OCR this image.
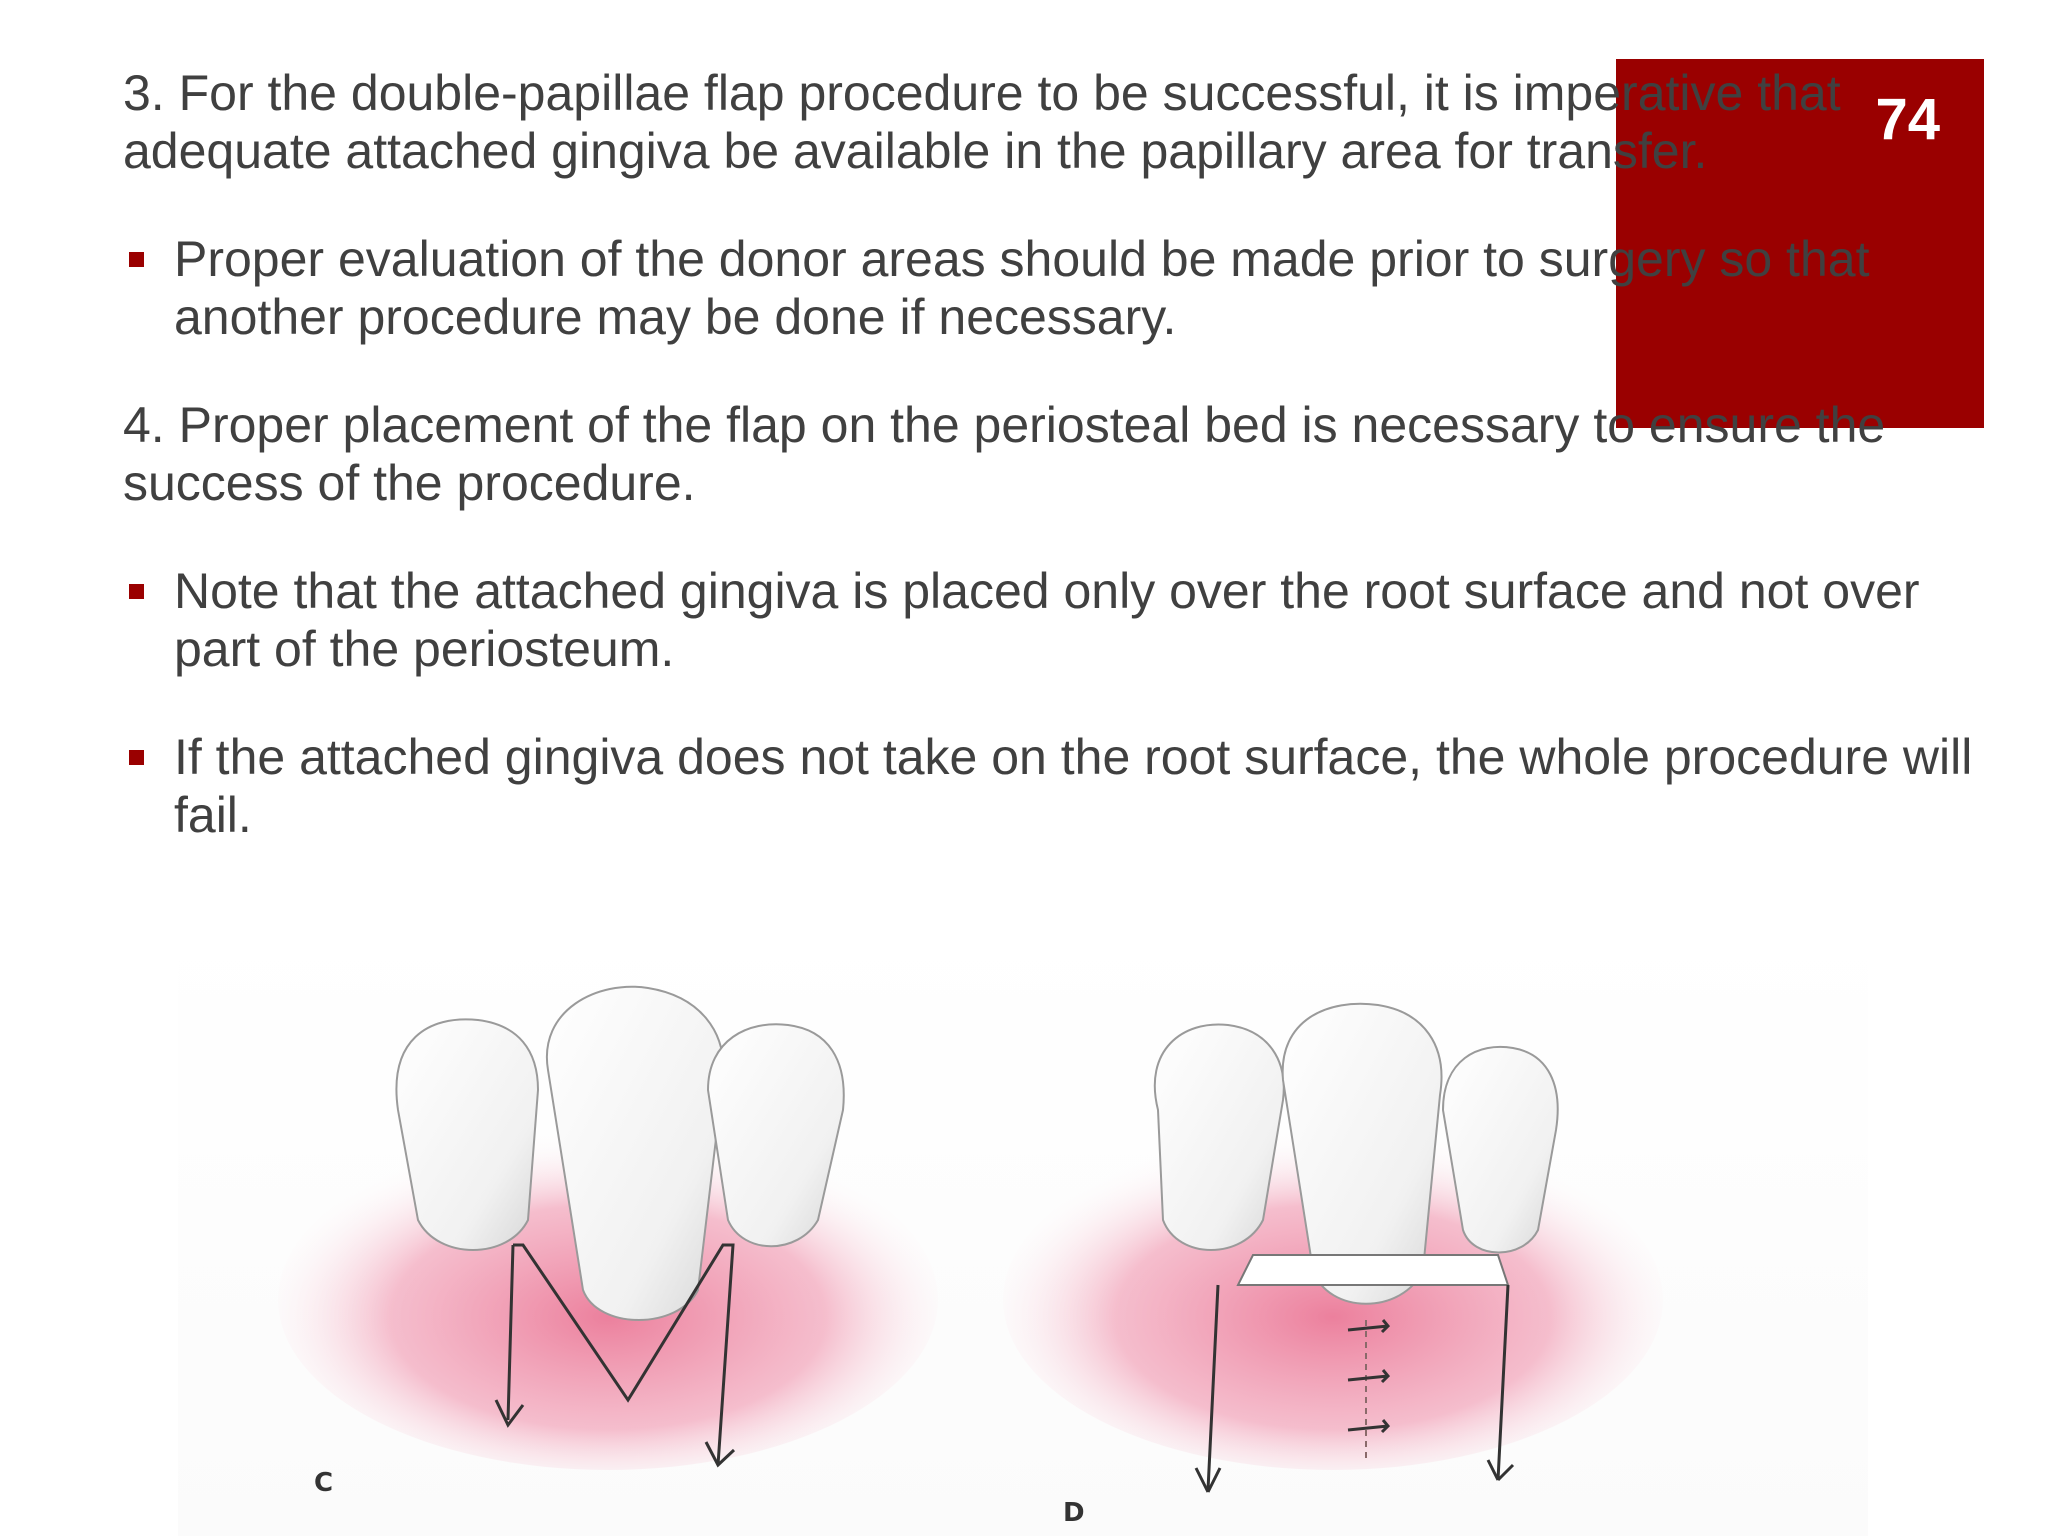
74

3. For the double-papillae flap procedure to be successful, it is imperative that adequate attached gingiva be available in the papillary area for transfer.

Proper evaluation of the donor areas should be made prior to surgery so that another procedure may be done if necessary.

4. Proper placement of the flap on the periosteal bed is necessary to ensure the success of the procedure.

Note that the attached gingiva is placed only over the root surface and not over part of the periosteum.

If the attached gingiva does not take on the root surface, the whole procedure will fail.

C
D
